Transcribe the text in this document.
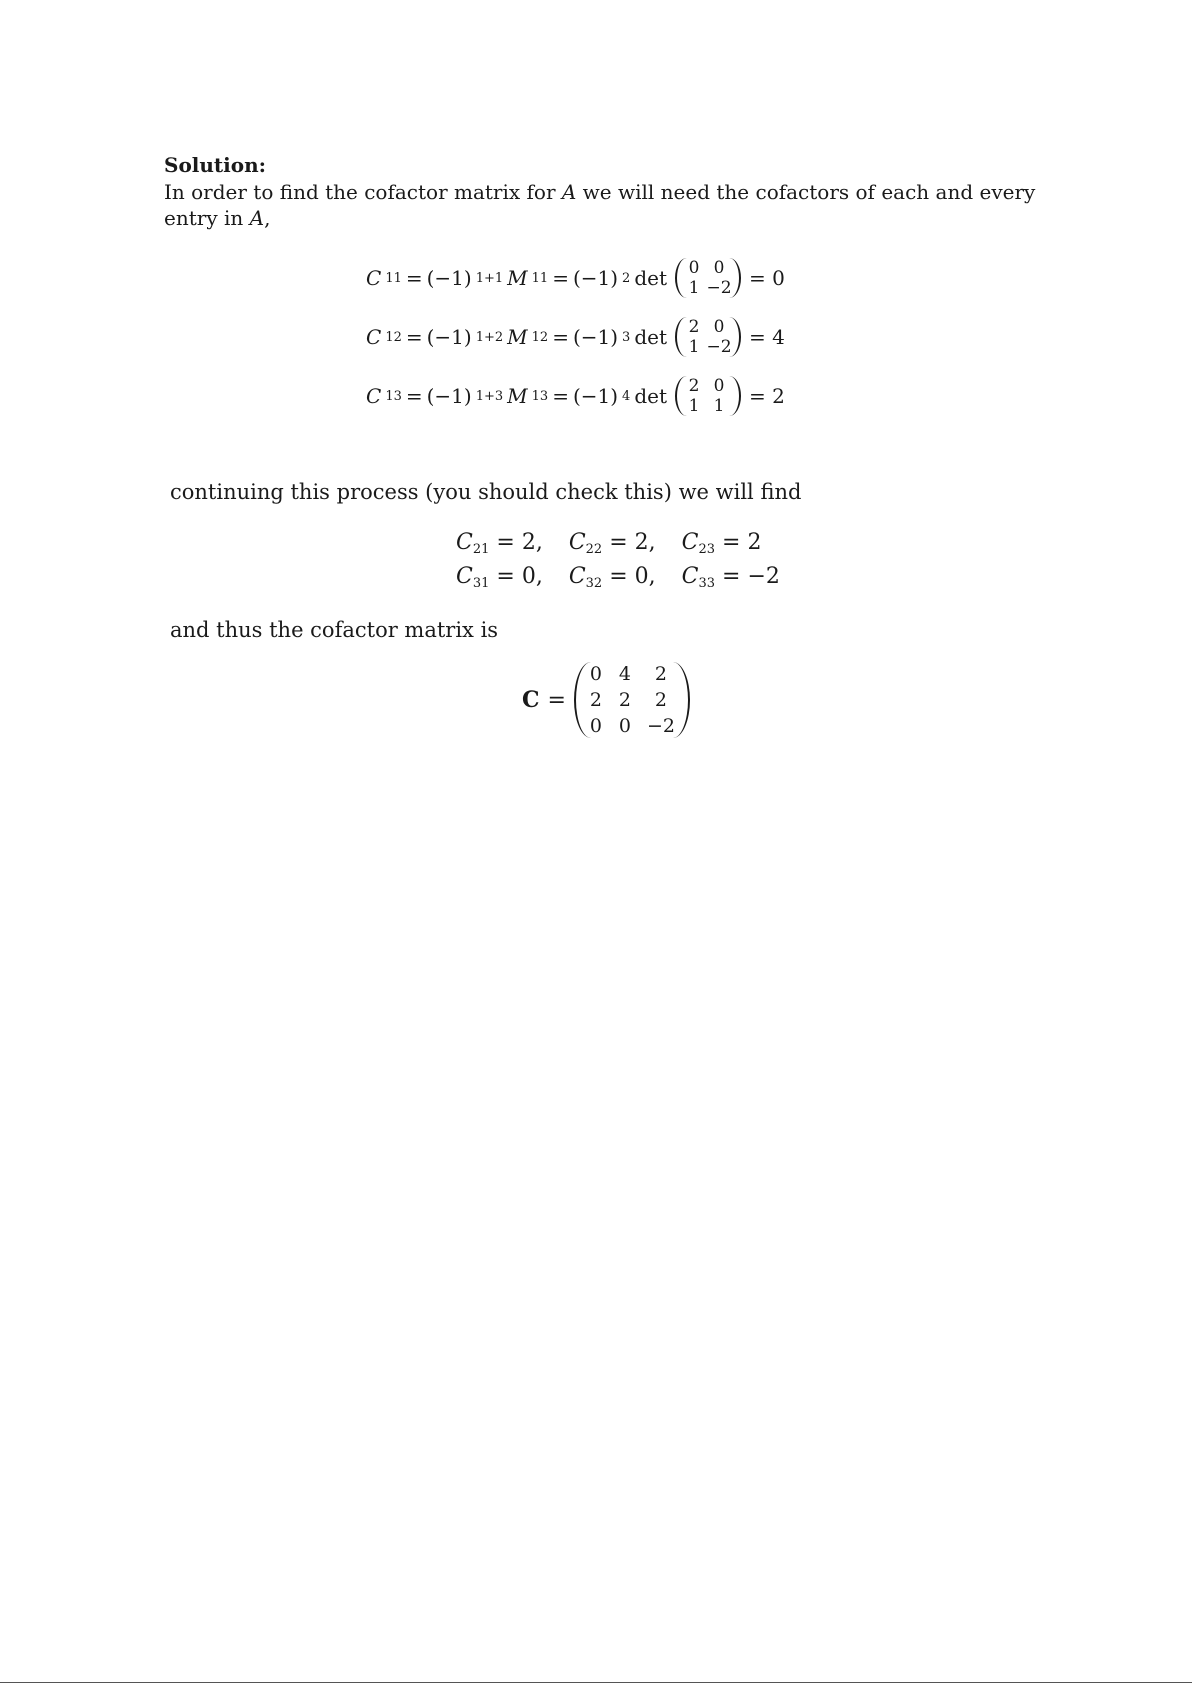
Solution:
In order to find the cofactor matrix for A we will need the cofactors of each and every
entry in A,
C 11 = (−1) 1+1 M 11 = (−1) 2 det	0 0
1 −2 = 0
C 12 = (−1) 1+2 M 12 = (−1) 3 det	2 0
1 −2 = 4
C 13 = (−1) 1+3 M 13 = (−1) 4 det	2 0
1 1	= 2
continuing this process (you should check this) we will find
$C_{21} = 2$, $C_{22} = 2$, $C_{23} = 2$
$C_{31} = 0$, $C_{32} = 0$, $C_{33} = -2$
and thus the cofactor matrix is
C =
0 4	2
2 2	2
0 0 −2
